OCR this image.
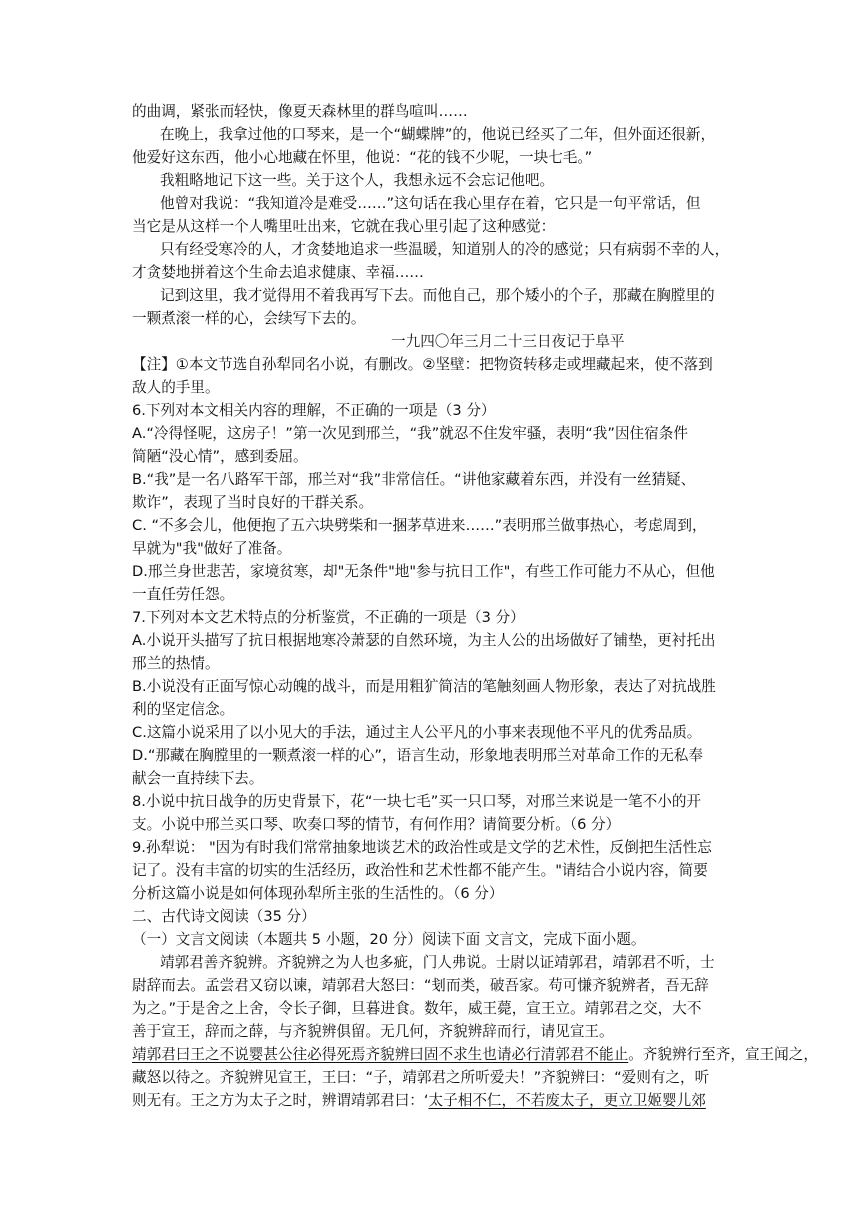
的曲调，紧张而轻快，像夏天森林里的群鸟喧叫……
在晚上，我拿过他的口琴来，是一个“蝴蝶牌”的，他说已经买了二年，但外面还很新，
他爱好这东西，他小心地藏在怀里，他说：“花的钱不少呢，一块七毛。”
我粗略地记下这一些。关于这个人，我想永远不会忘记他吧。
他曾对我说：“我知道冷是难受……”这句话在我心里存在着，它只是一句平常话，但
当它是从这样一个人嘴里吐出来，它就在我心里引起了这种感觉：
只有经受寒冷的人，才贪婪地追求一些温暖，知道别人的冷的感觉；只有病弱不幸的人，
才贪婪地拼着这个生命去追求健康、幸福……
记到这里，我才觉得用不着我再写下去。而他自己，那个矮小的个子，那藏在胸膛里的
一颗煮滚一样的心，会续写下去的。
一九四〇年三月二十三日夜记于阜平
【注】①本文节选自孙犁同名小说，有删改。②坚壁：把物资转移走或埋藏起来，使不落到
敌人的手里。
6.下列对本文相关内容的理解，不正确的一项是（3 分）
A.“冷得怪呢，这房子！”第一次见到邢兰，“我”就忍不住发牢骚，表明“我”因住宿条件
简陋“没心情”，感到委屈。
B.“我”是一名八路军干部，邢兰对“我”非常信任。“讲他家藏着东西，并没有一丝猜疑、
欺诈”，表现了当时良好的干群关系。
C. “不多会儿，他便抱了五六块劈柴和一捆茅草进来……”表明邢兰做事热心，考虑周到，
早就为"我"做好了准备。
D.邢兰身世悲苦，家境贫寒，却"无条件"地"参与抗日工作"，有些工作可能力不从心，但他
一直任劳任怨。
7.下列对本文艺术特点的分析鉴赏，不正确的一项是（3 分）
A.小说开头描写了抗日根据地寒冷萧瑟的自然环境，为主人公的出场做好了铺垫，更衬托出
邢兰的热情。
B.小说没有正面写惊心动魄的战斗，而是用粗犷简洁的笔触刻画人物形象，表达了对抗战胜
利的坚定信念。
C.这篇小说采用了以小见大的手法，通过主人公平凡的小事来表现他不平凡的优秀品质。
D.“那藏在胸膛里的一颗煮滚一样的心”，语言生动，形象地表明邢兰对革命工作的无私奉
献会一直持续下去。
8.小说中抗日战争的历史背景下，花“一块七毛”买一只口琴，对邢兰来说是一笔不小的开
支。小说中邢兰买口琴、吹奏口琴的情节，有何作用？请简要分析。（6 分）
9.孙犁说： "因为有时我们常常抽象地谈艺术的政治性或是文学的艺术性，反倒把生活性忘
记了。没有丰富的切实的生活经历，政治性和艺术性都不能产生。"请结合小说内容，简要
分析这篇小说是如何体现孙犁所主张的生活性的。（6 分）
二、古代诗文阅读（35 分）
（一）文言文阅读（本题共 5 小题，20 分）阅读下面 文言文，完成下面小题。
靖郭君善齐貌辨。齐貌辨之为人也多疵，门人弗说。士尉以证靖郭君，靖郭君不听，士
尉辞而去。孟尝君又窃以谏，靖郭君大怒曰：“刬而类，破吾家。苟可慊齐貌辨者，吾无辞
为之。”于是舍之上舍，令长子御，旦暮进食。数年，威王薨，宣王立。靖郭君之交，大不
善于宣王，辞而之薛，与齐貌辨俱留。无几何，齐貌辨辞而行，请见宣王。
靖郭君曰王之不说婴甚公往必得死焉齐貌辨曰固不求生也请必行清郭君不能止。齐貌辨行至齐，宣王闻之，
藏怒以待之。齐貌辨见宣王，王曰：“子，靖郭君之所听爱夫！”齐貌辨曰：“爱则有之，听
则无有。王之方为太子之时，辨谓靖郭君曰：‘太子相不仁，不若废太子，更立卫姬婴儿郊
